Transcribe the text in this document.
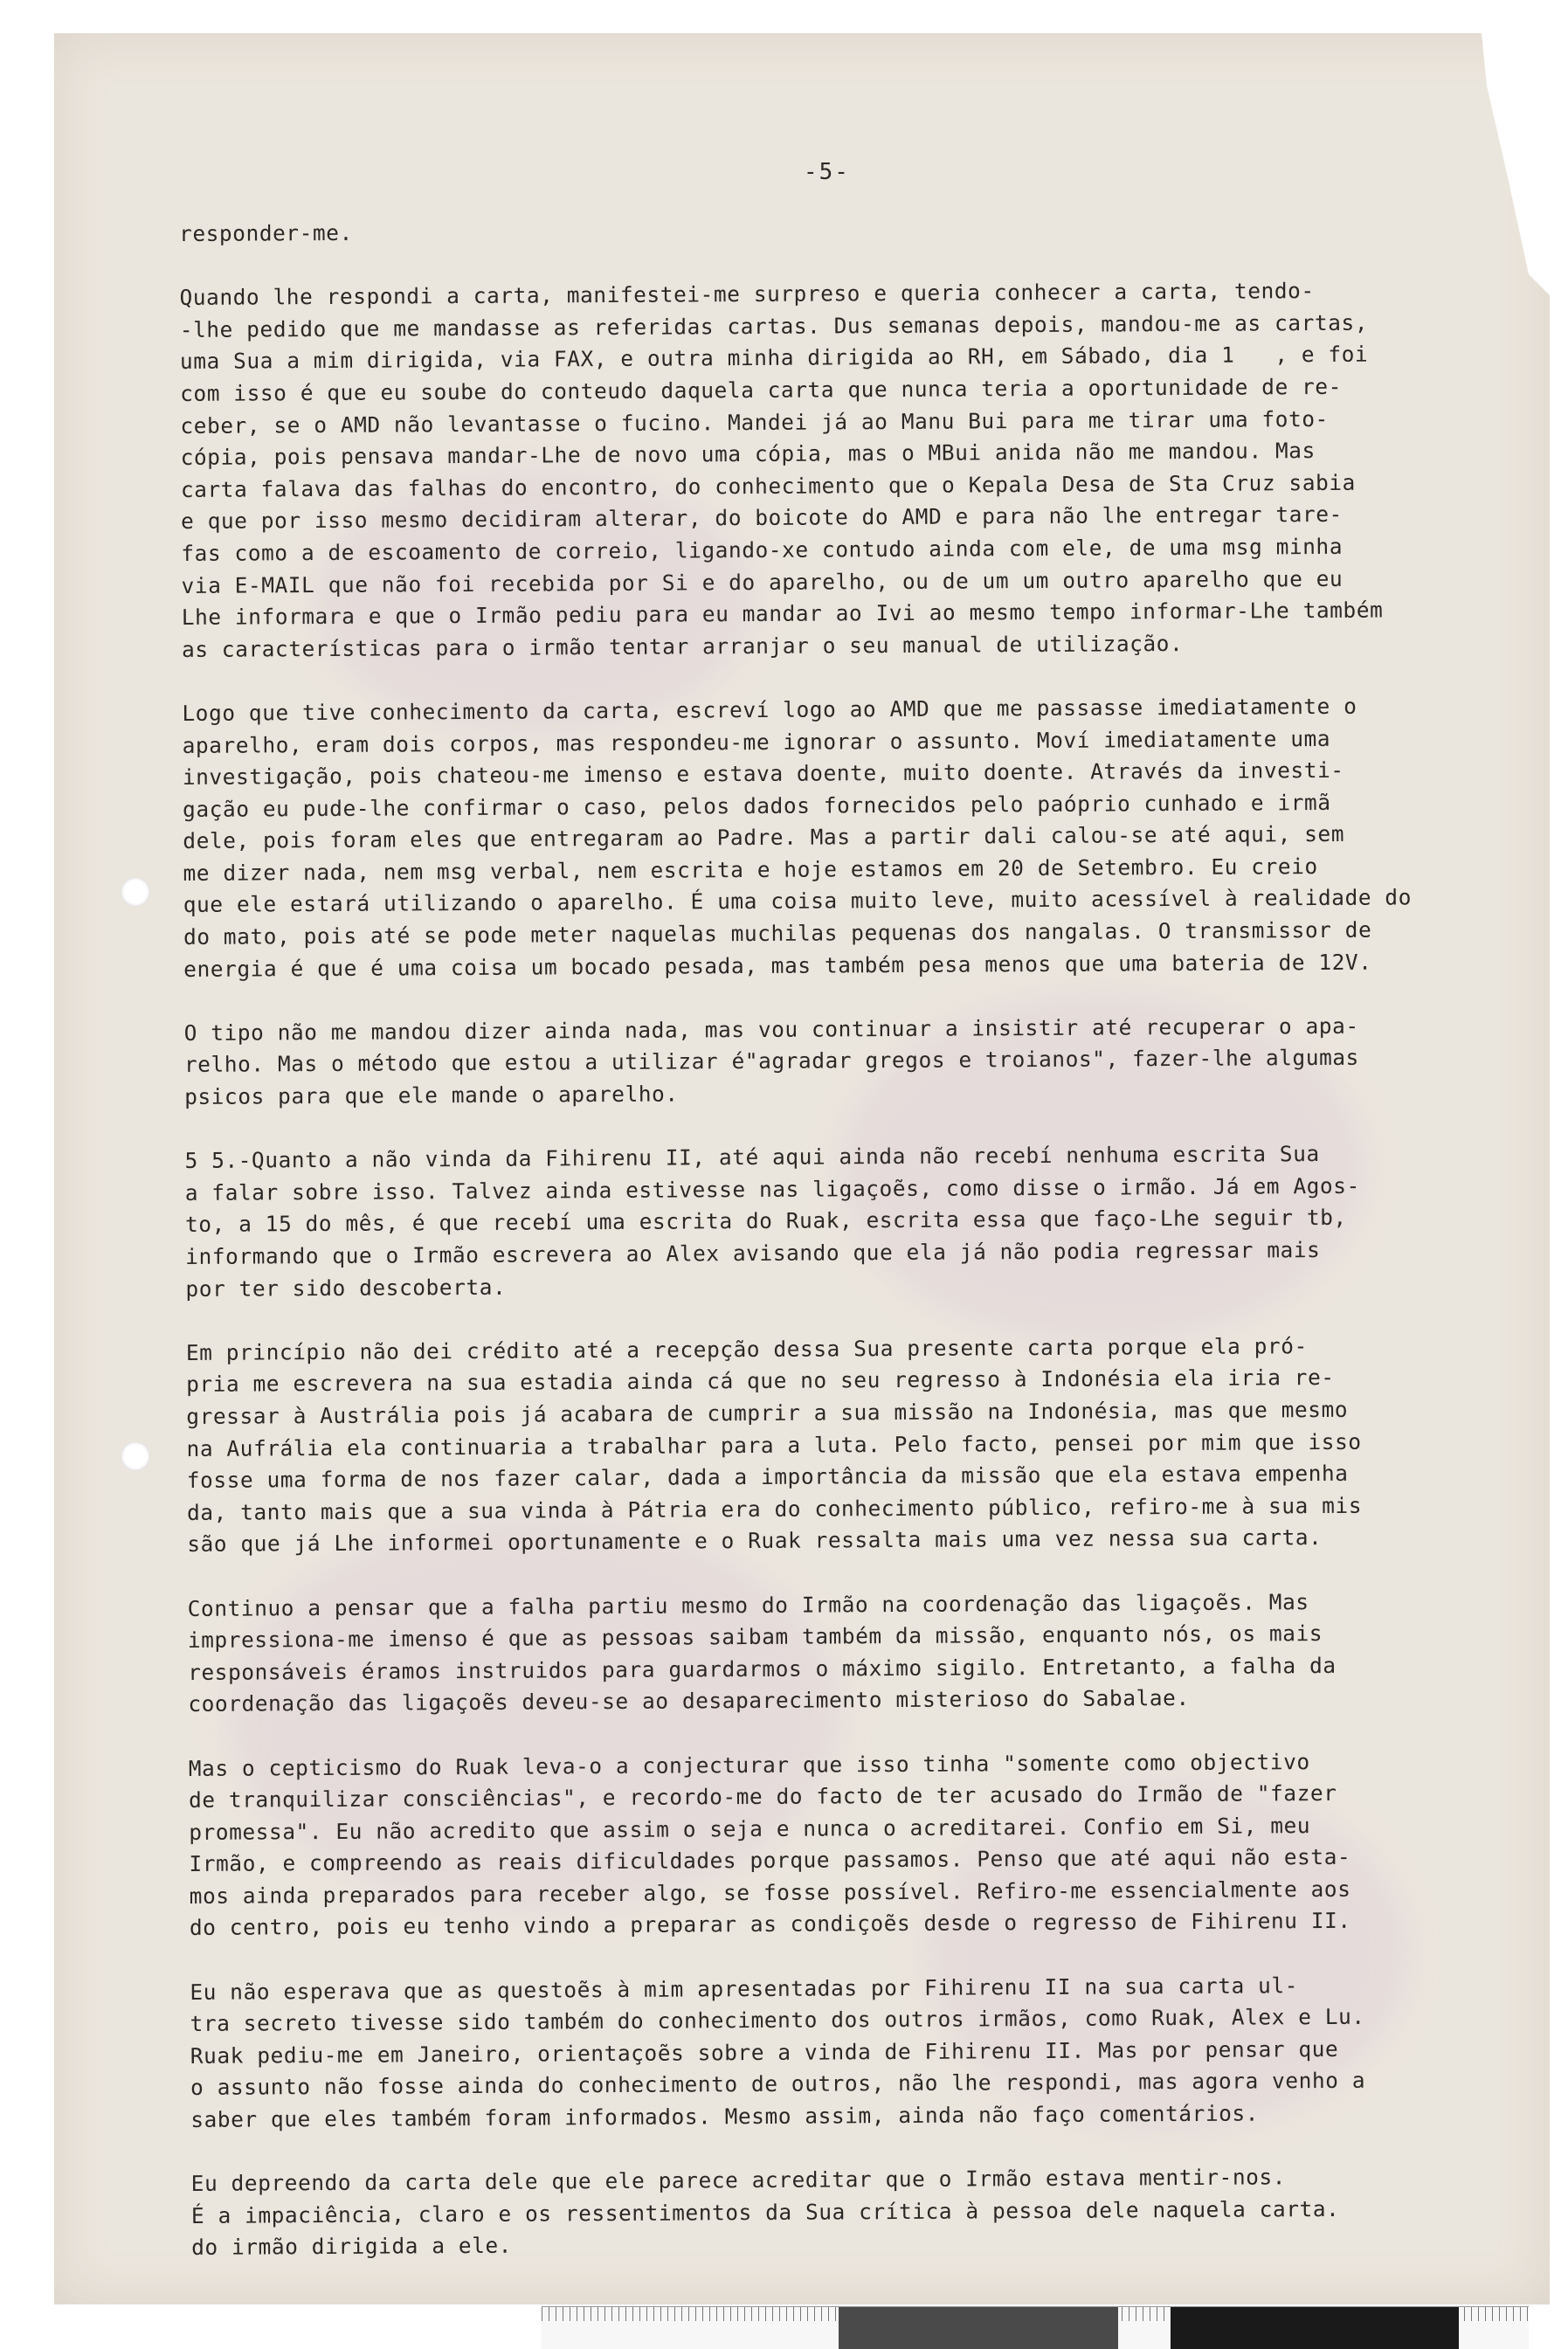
-5-
responder-me.
Quando lhe respondi a carta, manifestei-me surpreso e queria conhecer a carta, tendo-
-lhe pedido que me mandasse as referidas cartas. Dus semanas depois, mandou-me as cartas,
uma Sua a mim dirigida, via FAX, e outra minha dirigida ao RH, em Sábado, dia 1   , e foi
com isso é que eu soube do conteudo daquela carta que nunca teria a oportunidade de re-
ceber, se o AMD não levantasse o fucino. Mandei já ao Manu Bui para me tirar uma foto-
cópia, pois pensava mandar-Lhe de novo uma cópia, mas o MBui anida não me mandou. Mas
carta falava das falhas do encontro, do conhecimento que o Kepala Desa de Sta Cruz sabia
e que por isso mesmo decidiram alterar, do boicote do AMD e para não lhe entregar tare-
fas como a de escoamento de correio, ligando-xe contudo ainda com ele, de uma msg minha
via E-MAIL que não foi recebida por Si e do aparelho, ou de um um outro aparelho que eu
Lhe informara e que o Irmão pediu para eu mandar ao Ivi ao mesmo tempo informar-Lhe também
as características para o irmão tentar arranjar o seu manual de utilização.
Logo que tive conhecimento da carta, escreví logo ao AMD que me passasse imediatamente o
aparelho, eram dois corpos, mas respondeu-me ignorar o assunto. Moví imediatamente uma
investigação, pois chateou-me imenso e estava doente, muito doente. Através da investi-
gação eu pude-lhe confirmar o caso, pelos dados fornecidos pelo paóprio cunhado e irmã
dele, pois foram eles que entregaram ao Padre. Mas a partir dali calou-se até aqui, sem
me dizer nada, nem msg verbal, nem escrita e hoje estamos em 20 de Setembro. Eu creio
que ele estará utilizando o aparelho. É uma coisa muito leve, muito acessível à realidade do
do mato, pois até se pode meter naquelas muchilas pequenas dos nangalas. O transmissor de
energia é que é uma coisa um bocado pesada, mas também pesa menos que uma bateria de 12V.
O tipo não me mandou dizer ainda nada, mas vou continuar a insistir até recuperar o apa-
relho. Mas o método que estou a utilizar é"agradar gregos e troianos", fazer-lhe algumas
psicos para que ele mande o aparelho.
5 5.-Quanto a não vinda da Fihirenu II, até aqui ainda não recebí nenhuma escrita Sua
a falar sobre isso. Talvez ainda estivesse nas ligaçoẽs, como disse o irmão. Já em Agos-
to, a 15 do mês, é que recebí uma escrita do Ruak, escrita essa que faço-Lhe seguir tb,
informando que o Irmão escrevera ao Alex avisando que ela já não podia regressar mais
por ter sido descoberta.
Em princípio não dei crédito até a recepção dessa Sua presente carta porque ela pró-
pria me escrevera na sua estadia ainda cá que no seu regresso à Indonésia ela iria re-
gressar à Austrália pois já acabara de cumprir a sua missão na Indonésia, mas que mesmo
na Aufrália ela continuaria a trabalhar para a luta. Pelo facto, pensei por mim que isso
fosse uma forma de nos fazer calar, dada a importância da missão que ela estava empenha
da, tanto mais que a sua vinda à Pátria era do conhecimento público, refiro-me à sua mis
são que já Lhe informei oportunamente e o Ruak ressalta mais uma vez nessa sua carta.
Continuo a pensar que a falha partiu mesmo do Irmão na coordenação das ligaçoẽs. Mas
impressiona-me imenso é que as pessoas saibam também da missão, enquanto nós, os mais
responsáveis éramos instruidos para guardarmos o máximo sigilo. Entretanto, a falha da
coordenação das ligaçoẽs deveu-se ao desaparecimento misterioso do Sabalae.
Mas o cepticismo do Ruak leva-o a conjecturar que isso tinha "somente como objectivo
de tranquilizar consciências", e recordo-me do facto de ter acusado do Irmão de "fazer
promessa". Eu não acredito que assim o seja e nunca o acreditarei. Confio em Si, meu
Irmão, e compreendo as reais dificuldades porque passamos. Penso que até aqui não esta-
mos ainda preparados para receber algo, se fosse possível. Refiro-me essencialmente aos
do centro, pois eu tenho vindo a preparar as condiçoẽs desde o regresso de Fihirenu II.
Eu não esperava que as questoẽs à mim apresentadas por Fihirenu II na sua carta ul-
tra secreto tivesse sido também do conhecimento dos outros irmãos, como Ruak, Alex e Lu.
Ruak pediu-me em Janeiro, orientaçoẽs sobre a vinda de Fihirenu II. Mas por pensar que
o assunto não fosse ainda do conhecimento de outros, não lhe respondi, mas agora venho a
saber que eles também foram informados. Mesmo assim, ainda não faço comentários.
Eu depreendo da carta dele que ele parece acreditar que o Irmão estava mentir-nos.
É a impaciência, claro e os ressentimentos da Sua crítica à pessoa dele naquela carta.
do irmão dirigida a ele.
